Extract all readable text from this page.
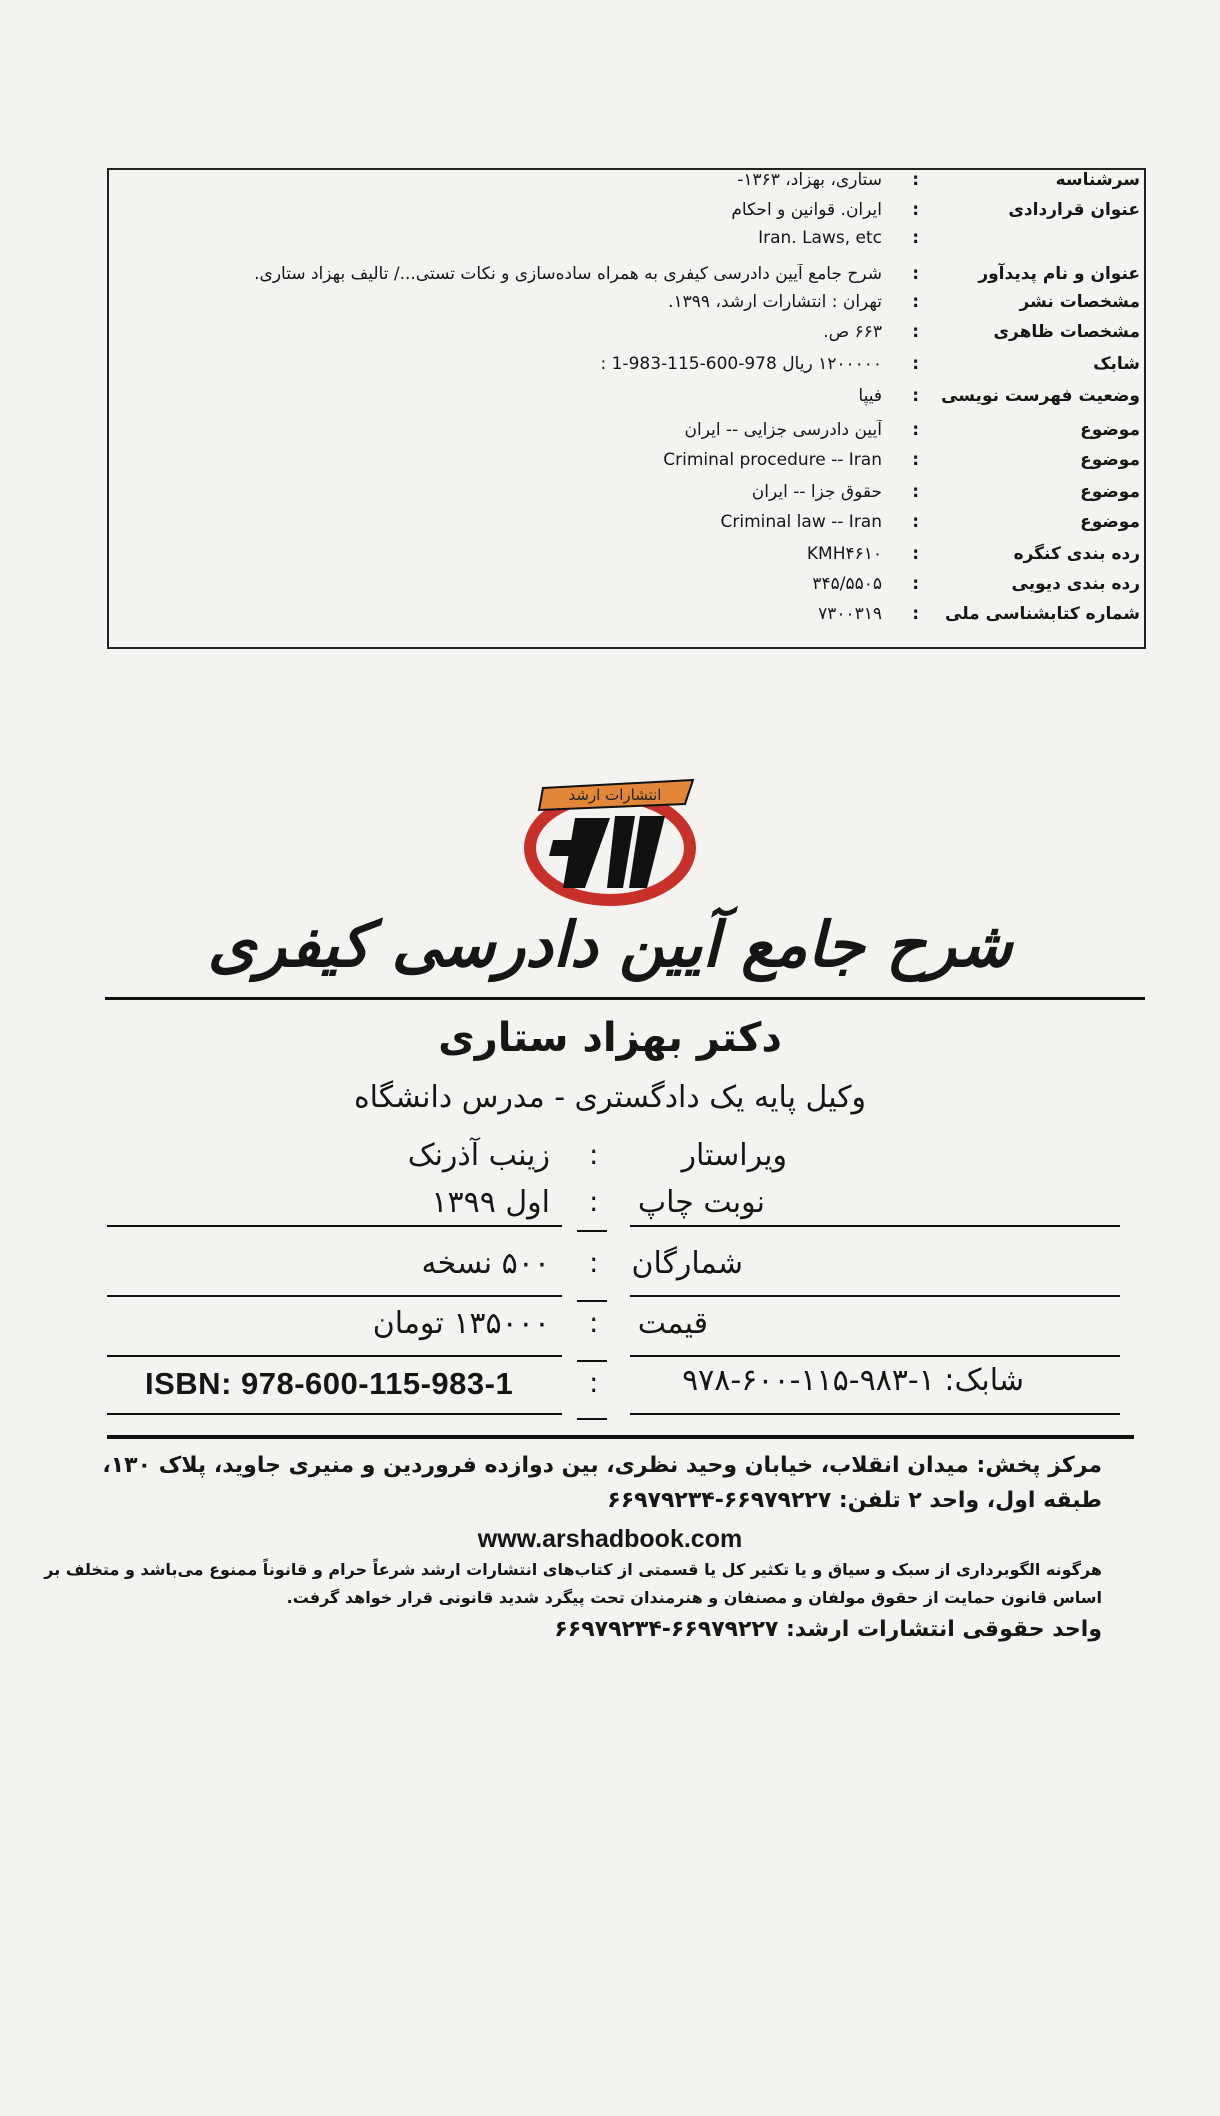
سرشناسه
:
ستاری، بهزاد، ۱۳۶۳-
عنوان قراردادی
:
ایران. قوانین و احکام
:
Iran. Laws, etc
عنوان و نام پدیدآور
:
شرح جامع آیین دادرسی کیفری به همراه ساده‌سازی و نکات تستی.../ تالیف بهزاد ستاری.
مشخصات نشر
:
تهران : انتشارات ارشد، ۱۳۹۹.
مشخصات ظاهری
:
۶۶۳ ص.
شابک
:
۱۲۰۰۰۰۰ ریال 978-600-115-983-1 :
وضعیت فهرست نویسی
:
فیپا
موضوع
:
آیین دادرسی جزایی -- ایران
موضوع
:
Criminal procedure -- Iran
موضوع
:
حقوق جزا -- ایران
موضوع
:
Criminal law -- Iran
رده بندی کنگره
:
KMH۴۶۱۰
رده بندی دیویی
:
۳۴۵/۵۵۰۵
شماره کتابشناسی ملی
:
۷۳۰۰۳۱۹
انتشارات ارشد
شرح جامع آیین دادرسی کیفری
دکتر بهزاد ستاری
وکیل پایه یک دادگستری - مدرس دانشگاه
ویراستار
:
زینب آذرنک
نوبت چاپ
:
اول ۱۳۹۹
شمارگان
:
۵۰۰ نسخه
قیمت
:
۱۳۵۰۰۰ تومان
شابک: ۱-۹۸۳-۱۱۵-۶۰۰-۹۷۸
:
ISBN: 978-600-115-983-1
مرکز پخش: میدان انقلاب، خیابان وحید نظری، بین دوازده فروردین و منیری جاوید، پلاک ۱۳۰،
طبقه اول، واحد ۲ تلفن: ۶۶۹۷۹۲۲۷-۶۶۹۷۹۲۳۴
www.arshadbook.com
هرگونه الگوبرداری از سبک و سیاق و یا تکثیر کل یا قسمتی از کتاب‌های انتشارات ارشد شرعاً حرام و قانوناً ممنوع می‌باشد و متخلف بر
اساس قانون حمایت از حقوق مولفان و مصنفان و هنرمندان تحت پیگرد شدید قانونی قرار خواهد گرفت.
واحد حقوقی انتشارات ارشد: ۶۶۹۷۹۲۲۷-۶۶۹۷۹۲۳۴
